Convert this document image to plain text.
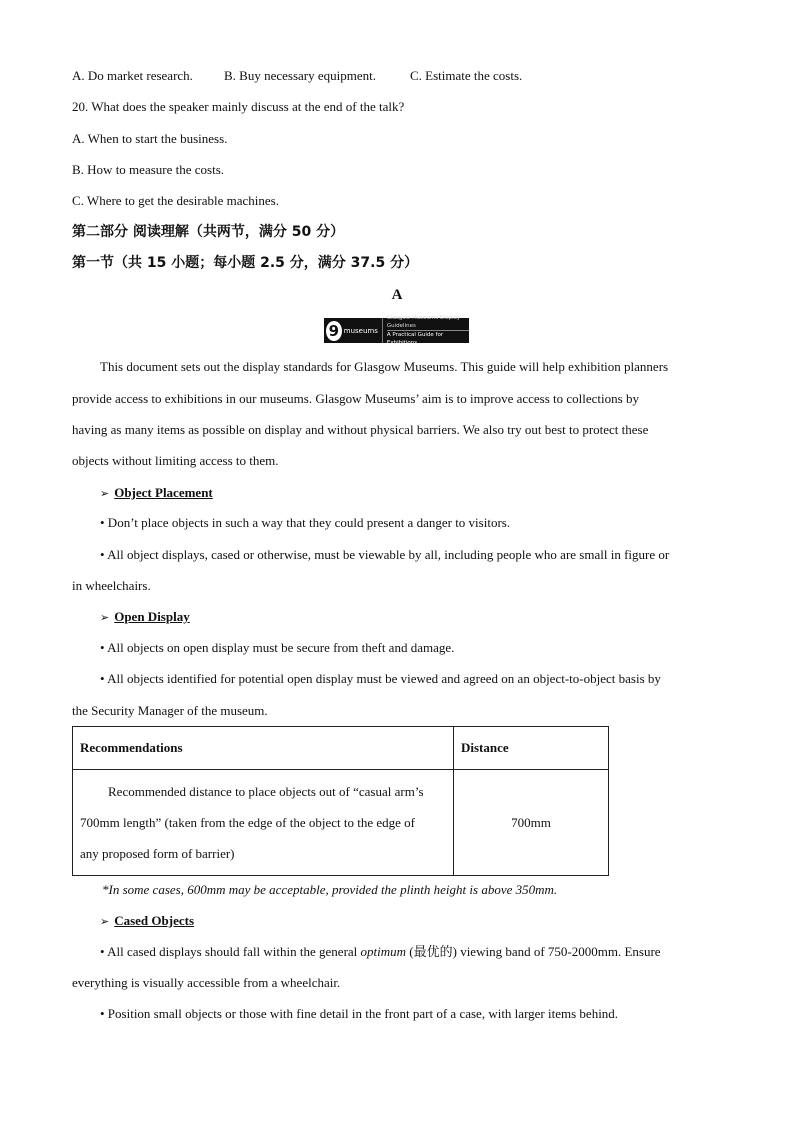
A. Do market research. B. Buy necessary equipment.	C. Estimate the costs.
20. What does the speaker mainly discuss at the end of the talk?
A. When to start the business.
B. How to measure the costs.
C. Where to get the desirable machines.
第二部分 阅读理解（共两节，满分 50 分）
第一节（共 15 小题；每小题 2.5 分，满分 37.5 分）
A
9 museums
Glasgow Museums Display Guidelines
A Practical Guide for Exhibitions
This document sets out the display standards for Glasgow Museums. This guide will help exhibition planners
provide access to exhibitions in our museums. Glasgow Museums’ aim is to improve access to collections by
having as many items as possible on display and without physical barriers. We also try out best to protect these
objects without limiting access to them.
➢ Object Placement
• Don’t place objects in such a way that they could present a danger to visitors.
• All object displays, cased or otherwise, must be viewable by all, including people who are small in figure or
in wheelchairs.
➢ Open Display
• All objects on open display must be secure from theft and damage.
• All objects identified for potential open display must be viewed and agreed on an object-to-object basis by
the Security Manager of the museum.
Recommendations	Distance

Recommended distance to place objects out of “casual arm’s
700mm length” (taken from the edge of the object to the edge of
any proposed form of barrier)	700mm
*In some cases, 600mm may be acceptable, provided the plinth height is above 350mm.
➢ Cased Objects
• All cased displays should fall within the general optimum (最优的) viewing band of 750-2000mm. Ensure
everything is visually accessible from a wheelchair.
• Position small objects or those with fine detail in the front part of a case, with larger items behind.
